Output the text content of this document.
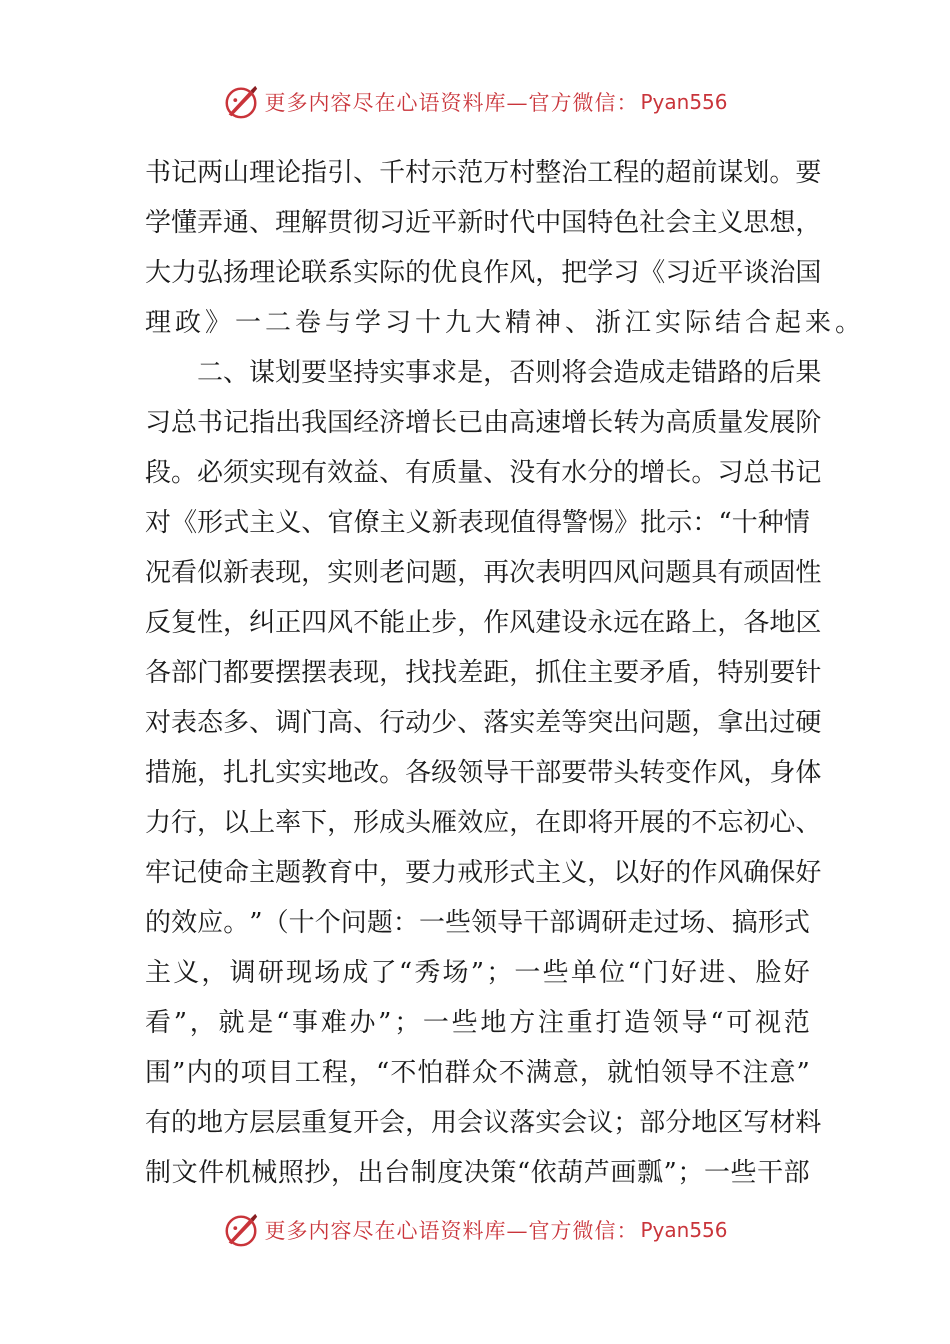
更多内容尽在心语资料库—官方微信： Pyan556
书 记 两 山 理 论 指 引 、 千 村 示 范 万 村 整 治 工 程 的 超 前 谋 划 。 要
学 懂 弄 通 、 理 解 贯 彻 习 近 平 新 时 代 中 国 特 色 社 会 主 义 思 想 ，
大 力 弘 扬 理 论 联 系 实 际 的 优 良 作 风 ， 把 学 习 《 习 近 平 谈 治 国
理政》一二卷与学习十九大精神、浙江实际结合起来。
二 、 谋 划 要 坚 持 实 事 求 是 ， 否 则 将 会 造 成 走 错 路 的 后 果
习 总 书 记 指 出 我 国 经 济 增 长 已 由 高 速 增 长 转 为 高 质 量 发 展 阶
段 。 必 须 实 现 有 效 益 、 有 质 量 、 没 有 水 分 的 增 长 。 习 总 书 记
对 《 形 式 主 义 、 官 僚 主 义 新 表 现 值 得 警 惕 》 批 示 ： “ 十 种 情
况 看 似 新 表 现 ， 实 则 老 问 题 ， 再 次 表 明 四 风 问 题 具 有 顽 固 性
反 复 性 ， 纠 正 四 风 不 能 止 步 ， 作 风 建 设 永 远 在 路 上 ， 各 地 区
各 部 门 都 要 摆 摆 表 现 ， 找 找 差 距 ， 抓 住 主 要 矛 盾 ， 特 别 要 针
对 表 态 多 、 调 门 高 、 行 动 少 、 落 实 差 等 突 出 问 题 ， 拿 出 过 硬
措 施 ， 扎 扎 实 实 地 改 。 各 级 领 导 干 部 要 带 头 转 变 作 风 ， 身 体
力 行 ， 以 上 率 下 ， 形 成 头 雁 效 应 ， 在 即 将 开 展 的 不 忘 初 心 、
牢 记 使 命 主 题 教 育 中 ， 要 力 戒 形 式 主 义 ， 以 好 的 作 风 确 保 好
的 效 应 。 ” （ 十 个 问 题 ： 一 些 领 导 干 部 调 研 走 过 场 、 搞 形 式
主 义 ， 调 研 现 场 成 了 “ 秀 场 ” ； 一 些 单 位 “ 门 好 进 、 脸 好
看 ” ， 就 是 “ 事 难 办 ” ； 一 些 地 方 注 重 打 造 领 导 “ 可 视 范
围 ” 内 的 项 目 工 程 ， “ 不 怕 群 众 不 满 意 ， 就 怕 领 导 不 注 意 ”
有 的 地 方 层 层 重 复 开 会 ， 用 会 议 落 实 会 议 ； 部 分 地 区 写 材 料
制 文 件 机 械 照 抄 ， 出 台 制 度 决 策 “ 依 葫 芦 画 瓢 ” ； 一 些 干 部
更多内容尽在心语资料库—官方微信： Pyan556
